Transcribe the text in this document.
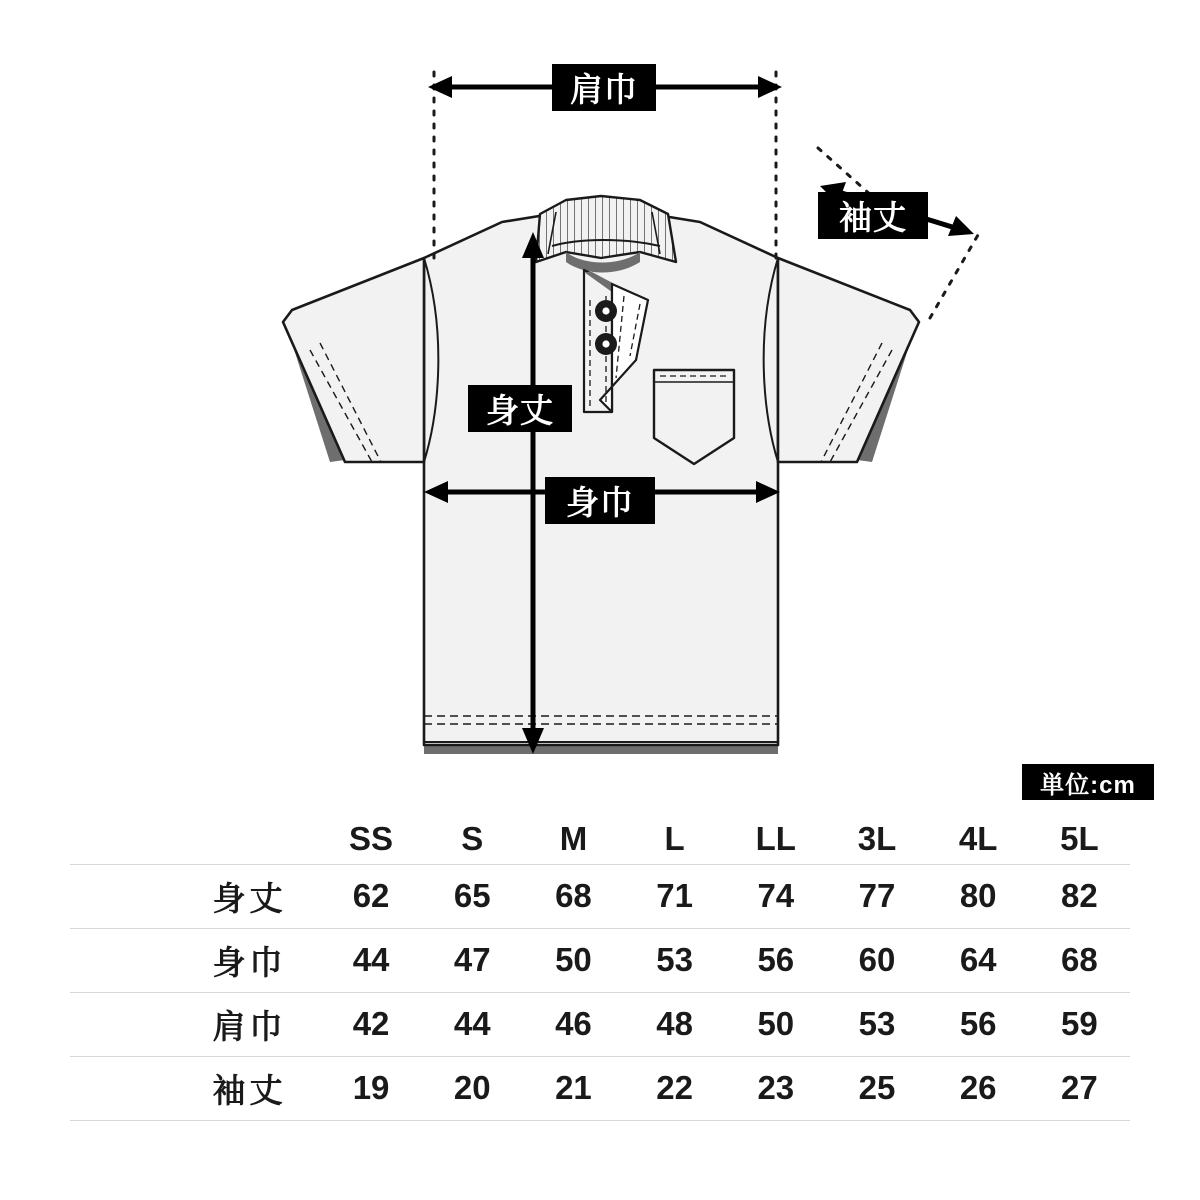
肩巾
袖丈
身丈
身巾
単位:cm
	SS	S	M	L	LL	3L	4L	5L
身丈	62	65	68	71	74	77	80	82
身巾	44	47	50	53	56	60	64	68
肩巾	42	44	46	48	50	53	56	59
袖丈	19	20	21	22	23	25	26	27
